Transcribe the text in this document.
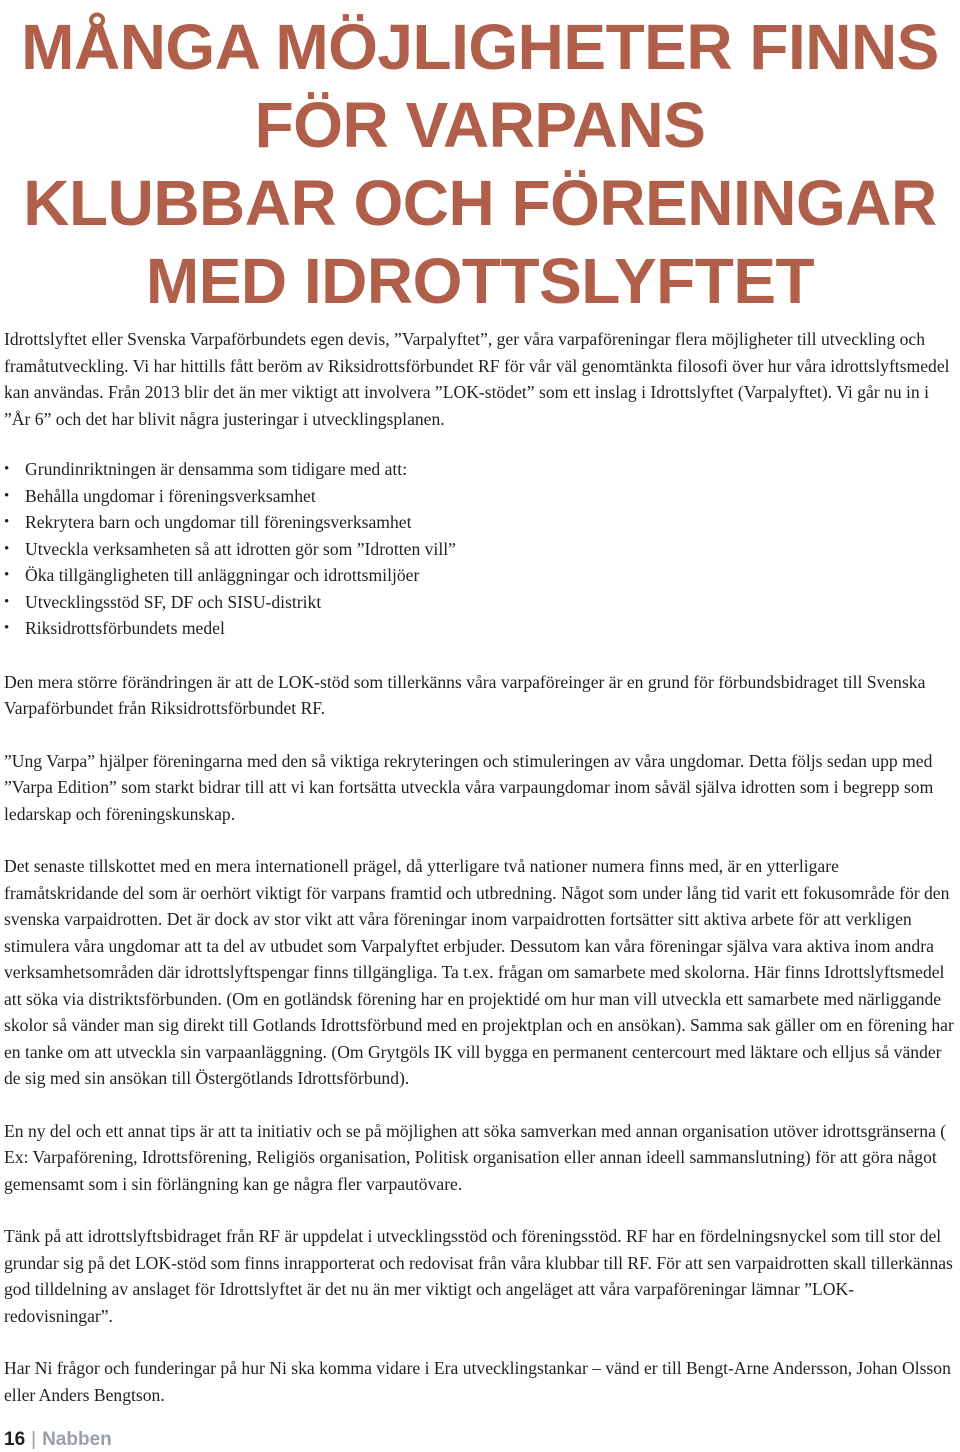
MÅNGA MÖJLIGHETER FINNS
FÖR VARPANS
KLUBBAR OCH FÖRENINGAR
MED IDROTTSLYFTET

Idrottslyftet eller Svenska Varpaförbundets egen devis, ”Varpalyftet”, ger våra varpaföreningar flera möjligheter till utveckling och framåtutveckling. Vi har hittills fått beröm av Riksidrottsförbundet RF för vår väl genomtänkta filosofi över hur våra idrottslyftsmedel kan användas. Från 2013 blir det än mer viktigt att involvera ”LOK-stödet” som ett inslag i Idrottslyftet (Varpalyftet). Vi går nu in i ”År 6” och det har blivit några justeringar i utvecklingsplanen.

• Grundinriktningen är densamma som tidigare med att:
• Behålla ungdomar i föreningsverksamhet
• Rekrytera barn och ungdomar till föreningsverksamhet
• Utveckla verksamheten så att idrotten gör som ”Idrotten vill”
• Öka tillgängligheten till anläggningar och idrottsmiljöer
• Utvecklingsstöd SF, DF och SISU-distrikt
• Riksidrottsförbundets medel

Den mera större förändringen är att de LOK-stöd som tillerkänns våra varpaföreinger är en grund för förbundsbidraget till Svenska Varpaförbundet från Riksidrottsförbundet RF.

”Ung Varpa” hjälper föreningarna med den så viktiga rekryteringen och stimuleringen av våra ungdomar. Detta följs sedan upp med ”Varpa Edition” som starkt bidrar till att vi kan fortsätta utveckla våra varpaungdomar inom såväl själva idrotten som i begrepp som ledarskap och föreningskunskap.

Det senaste tillskottet med en mera internationell prägel, då ytterligare två nationer numera finns med, är en ytterligare framåtskridande del som är oerhört viktigt för varpans framtid och utbredning. Något som under lång tid varit ett fokusområde för den svenska varpaidrotten. Det är dock av stor vikt att våra föreningar inom varpaidrotten fortsätter sitt aktiva arbete för att verkligen stimulera våra ungdomar att ta del av utbudet som Varpalyftet erbjuder. Dessutom kan våra föreningar själva vara aktiva inom andra verksamhetsområden där idrottslyftspengar finns tillgängliga. Ta t.ex. frågan om samarbete med skolorna. Här finns Idrottslyftsmedel att söka via distriktsförbunden. (Om en gotländsk förening har en projektidé om hur man vill utveckla ett samarbete med närliggande skolor så vänder man sig direkt till Gotlands Idrottsförbund med en projektplan och en ansökan). Samma sak gäller om en förening har en tanke om att utveckla sin varpaanläggning. (Om Grytgöls IK vill bygga en permanent centercourt med läktare och elljus så vänder de sig med sin ansökan till Östergötlands Idrottsförbund).

En ny del och ett annat tips är att ta initiativ och se på möjlighen att söka samverkan med annan organisation utöver idrottsgränserna ( Ex: Varpaförening, Idrottsförening, Religiös organisation, Politisk organisation eller annan ideell sammanslutning) för att göra något gemensamt som i sin förlängning kan ge några fler varpautövare.

Tänk på att idrottslyftsbidraget från RF är uppdelat i utvecklingsstöd och föreningsstöd. RF har en fördelningsnyckel som till stor del grundar sig på det LOK-stöd som finns inrapporterat och redovisat från våra klubbar till RF. För att sen varpaidrotten skall tillerkännas god tilldelning av anslaget för Idrottslyftet är det nu än mer viktigt och angeläget att våra varpaföreningar lämnar ”LOK-redovisningar”.

Har Ni frågor och funderingar på hur Ni ska komma vidare i Era utvecklingstankar – vänd er till Bengt-Arne Andersson, Johan Olsson eller Anders Bengtson.

16 | Nabben
